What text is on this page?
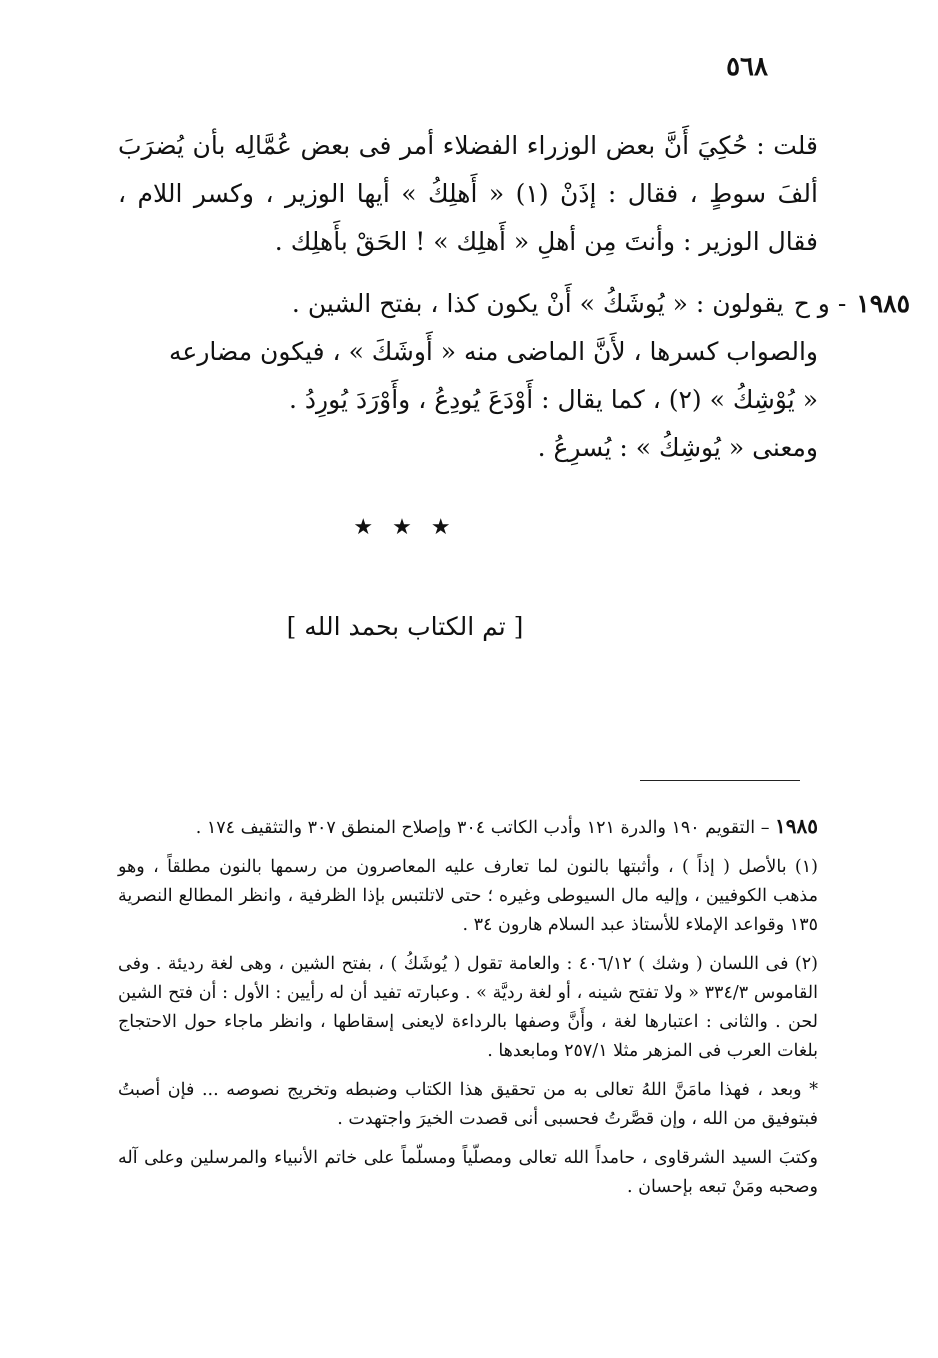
٥٦٨

قلت : حُكِيَ أَنَّ بعض الوزراء الفضلاء أمر فى بعض عُمَّالِه بأن يُضرَبَ ألفَ سوطٍ ، فقال : إذَنْ (١) « أَهلِكُ » أيها الوزير ، وكسر اللام ، فقال الوزير : وأنتَ مِن أهلِ « أَهلِك » ! الحَقْ بأَهلِك .

١٩٨٥
- و ح
يقولون : « يُوشَكُ » أَنْ يكون كذا ، بفتح الشين .
والصواب كسرها ، لأَنَّ الماضى منه « أَوشَكَ » ، فيكون مضارعه
« يُوْشِكُ » (٢) ، كما يقال : أَوْدَعَ يُودِعُ ، وأَوْرَدَ يُورِدُ .
ومعنى « يُوشِكُ » : يُسرِعُ .
★ ★ ★
[ تم الكتاب بحمد الله ]

١٩٨٥ – التقويم ١٩٠ والدرة ١٢١ وأدب الكاتب ٣٠٤ وإصلاح المنطق ٣٠٧ والتثقيف ١٧٤ .

(١) بالأصل ( إذاً ) ، وأثبتها بالنون لما تعارف عليه المعاصرون من رسمها بالنون مطلقاً ، وهو مذهب الكوفيين ، وإليه مال السيوطى وغيره ؛ حتى لاتلتبس بإذا الظرفية ، وانظر المطالع النصرية ١٣٥ وقواعد الإملاء للأستاذ عبد السلام هارون ٣٤ .

(٢) فى اللسان ( وشك ) ٤٠٦/١٢ : والعامة تقول ( يُوشَكُ ) ، بفتح الشين ، وهى لغة رديئة . وفى القاموس ٣٣٤/٣ « ولا تفتح شينه ، أو لغة رديَّة » . وعبارته تفيد أن له رأيين : الأول : أن فتح الشين لحن . والثانى : اعتبارها لغة ، وأَنَّ وصفها بالرداءة لايعنى إسقاطها ، وانظر ماجاء حول الاحتجاج بلغات العرب فى المزهر مثلا ٢٥٧/١ ومابعدها .

* وبعد ، فهذا مامَنَّ اللهُ تعالى به من تحقيق هذا الكتاب وضبطه وتخريج نصوصه ... فإن أصبتُ فبتوفيق من الله ، وإن قصَّرتُ فحسبى أنى قصدت الخيرَ واجتهدت .

وكتبَ السيد الشرقاوى ، حامداً الله تعالى ومصلّياً ومسلّماً على خاتم الأنبياء والمرسلين وعلى آله وصحبه ومَنْ تبعه بإحسان .
